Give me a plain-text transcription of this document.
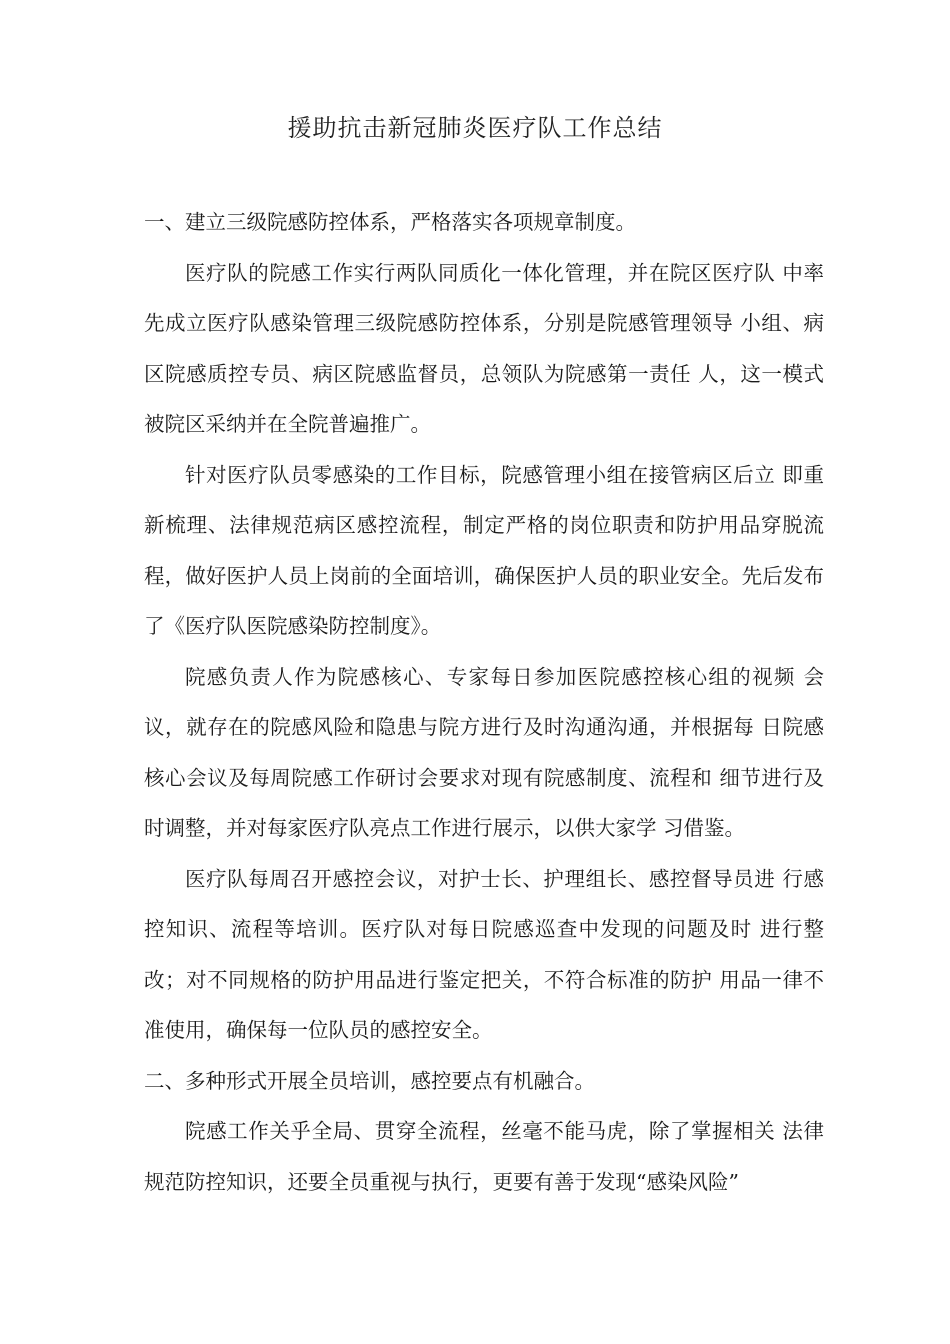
援助抗击新冠肺炎医疗队工作总结

一、建立三级院感防控体系，严格落实各项规章制度。

医疗队的院感工作实行两队同质化一体化管理，并在院区医疗队 中率先成立医疗队感染管理三级院感防控体系，分别是院感管理领导 小组、病区院感质控专员、病区院感监督员，总领队为院感第一责任 人，这一模式被院区采纳并在全院普遍推广。

针对医疗队员零感染的工作目标，院感管理小组在接管病区后立 即重新梳理、法律规范病区感控流程，制定严格的岗位职责和防护用品穿脱流程，做好医护人员上岗前的全面培训，确保医护人员的职业安全。先后发布了《医疗队医院感染防控制度》。

院感负责人作为院感核心、专家每日参加医院感控核心组的视频 会议，就存在的院感风险和隐患与院方进行及时沟通沟通，并根据每 日院感核心会议及每周院感工作研讨会要求对现有院感制度、流程和 细节进行及时调整，并对每家医疗队亮点工作进行展示，以供大家学 习借鉴。

医疗队每周召开感控会议，对护士长、护理组长、感控督导员进 行感控知识、流程等培训。医疗队对每日院感巡查中发现的问题及时 进行整改；对不同规格的防护用品进行鉴定把关，不符合标准的防护 用品一律不准使用，确保每一位队员的感控安全。

二、多种形式开展全员培训，感控要点有机融合。

院感工作关乎全局、贯穿全流程，丝毫不能马虎，除了掌握相关 法律规范防控知识，还要全员重视与执行，更要有善于发现“感染风险”
